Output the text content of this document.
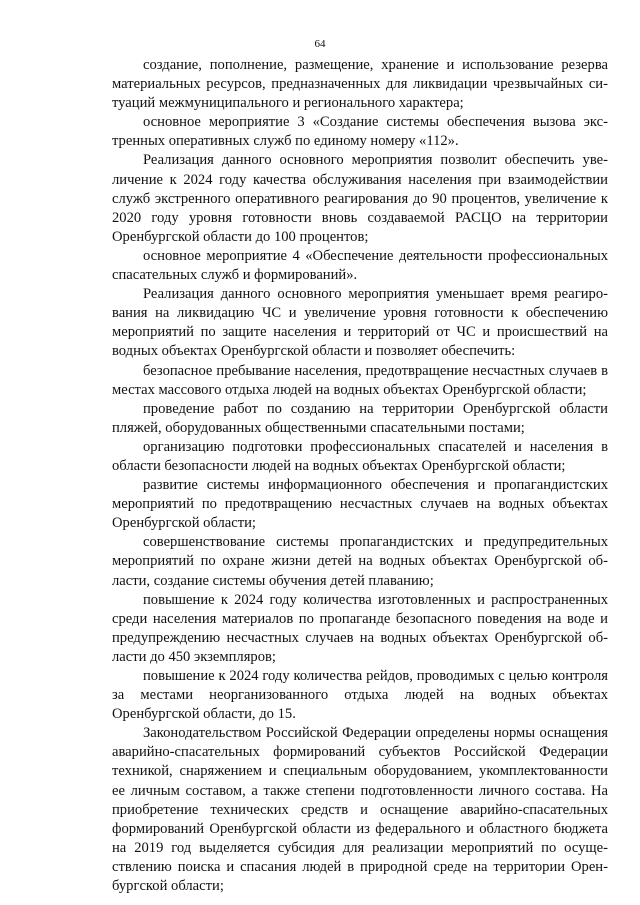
64

создание, пополнение, размещение, хранение и использование резерва материальных ресурсов, предназначенных для ликвидации чрезвычайных ситуаций межмуниципального и регионального характера;

основное мероприятие 3 «Создание системы обеспечения вызова экстренных оперативных служб по единому номеру «112».

Реализация данного основного мероприятия позволит обеспечить увеличение к 2024 году качества обслуживания населения при взаимодействии служб экстренного оперативного реагирования до 90 процентов, увеличение к 2020 году уровня готовности вновь создаваемой РАСЦО на территории Оренбургской области до 100 процентов;

основное мероприятие 4 «Обеспечение деятельности профессиональных спасательных служб и формирований».

Реализация данного основного мероприятия уменьшает время реагирования на ликвидацию ЧС и увеличение уровня готовности к обеспечению мероприятий по защите населения и территорий от ЧС и происшествий на водных объектах Оренбургской области и позволяет обеспечить:

безопасное пребывание населения, предотвращение несчастных случаев в местах массового отдыха людей на водных объектах Оренбургской области;

проведение работ по созданию на территории Оренбургской области пляжей, оборудованных общественными спасательными постами;

организацию подготовки профессиональных спасателей и населения в области безопасности людей на водных объектах Оренбургской области;

развитие системы информационного обеспечения и пропагандистских мероприятий по предотвращению несчастных случаев на водных объектах Оренбургской области;

совершенствование системы пропагандистских и предупредительных мероприятий по охране жизни детей на водных объектах Оренбургской области, создание системы обучения детей плаванию;

повышение к 2024 году количества изготовленных и распространенных среди населения материалов по пропаганде безопасного поведения на воде и предупреждению несчастных случаев на водных объектах Оренбургской области до 450 экземпляров;

повышение к 2024 году количества рейдов, проводимых с целью контроля за местами неорганизованного отдыха людей на водных объектах Оренбургской области, до 15.

Законодательством Российской Федерации определены нормы оснащения аварийно-спасательных формирований субъектов Российской Федерации техникой, снаряжением и специальным оборудованием, укомплектованности ее личным составом, а также степени подготовленности личного состава. На приобретение технических средств и оснащение аварийно-спасательных формирований Оренбургской области из федерального и областного бюджета на 2019 год выделяется субсидия для реализации мероприятий по осуществлению поиска и спасания людей в природной среде на территории Оренбургской области;
